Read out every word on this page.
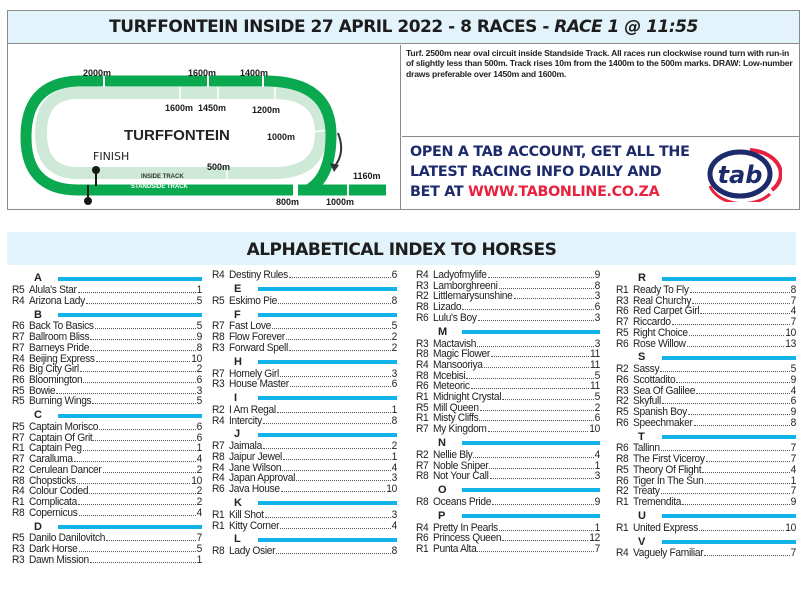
TURFFONTEIN INSIDE 27 APRIL 2022 - 8 RACES - RACE 1 @ 11:55
2000m	1600m	1400m
1600m 1450m	1200m
1000m
500m
1160m
800m	1000m
TURFFONTEIN
FINISH
INSIDE TRACK
STANDSIDE TRACK
Turf. 2500m near oval circuit inside Standside Track. All races run clockwise round turn with run-in of slightly less than 500m. Track rises 10m from the 1400m to the 500m marks. DRAW: Low-number draws preferable over 1450m and 1600m.
OPEN A TAB ACCOUNT, GET ALL THE
LATEST RACING INFO DAILY AND
BET AT WWW.TABONLINE.CO.ZA
tab
ALPHABETICAL INDEX TO HORSES
A
R5 Alula's Star	1
R4 Arizona Lady	5
B
R6 Back To Basics	5
R7 Ballroom Bliss	9
R7 Barneys Pride	8
R4 Beijing Express	10
R6 Big City Girl	2
R6 Bloomington	6
R5 Bowie	3
R5 Burning Wings	5
C
R5 Captain Morisco	6
R7 Captain Of Grit	6
R1 Captain Peg	1
R7 Caralluma	4
R2 Cerulean Dancer	2
R8 Chopsticks	10
R4 Colour Coded	2
R1 Complicata	2
R8 Copernicus	4
D
R5 Danilo Danilovitch	7
R3 Dark Horse	5
R3 Dawn Mission	1
R4 Destiny Rules	6
E
R5 Eskimo Pie	8
F
R7 Fast Love	5
R8 Flow Forever	2
R3 Forward Spell	2
H
R7 Homely Girl	3
R3 House Master	6
I
R2 I Am Regal	1
R4 Intercity	8
J
R7 Jaimala	2
R8 Jaipur Jewel	1
R4 Jane Wilson	4
R4 Japan Approval	3
R6 Java House	10
K
R1 Kill Shot	3
R1 Kitty Corner	4
L
R8 Lady Osier	8
R4 Ladyofmylife	9
R3 Lamborghreeni	8
R2 Littlemarysunshine	3
R8 Lizado	6
R6 Lulu's Boy	3
M
R3 Mactavish	3
R8 Magic Flower	11
R4 Mansooriya	11
R8 Mcebisi	5
R6 Meteoric	11
R1 Midnight Crystal	5
R5 Mill Queen	2
R1 Misty Cliffs	6
R7 My Kingdom	10
N
R2 Nellie Bly	4
R7 Noble Sniper	1
R8 Not Your Call	3
O
R8 Oceans Pride	9
P
R4 Pretty In Pearls	1
R6 Princess Queen	12
R1 Punta Alta	7
R
R1 Ready To Fly	8
R3 Real Churchy	7
R6 Red Carpet Girl	4
R7 Riccardo	7
R5 Right Choice	10
R6 Rose Willow	13
S
R2 Sassy	5
R6 Scottadito	9
R3 Sea Of Galilee	4
R2 Skyfull	6
R5 Spanish Boy	9
R6 Speechmaker	8
T
R6 Tallinn	7
R8 The First Viceroy	7
R5 Theory Of Flight	4
R6 Tiger In The Sun	1
R2 Treaty	7
R1 Tremendita	9
U
R1 United Express	10
V
R4 Vaguely Familiar	7
